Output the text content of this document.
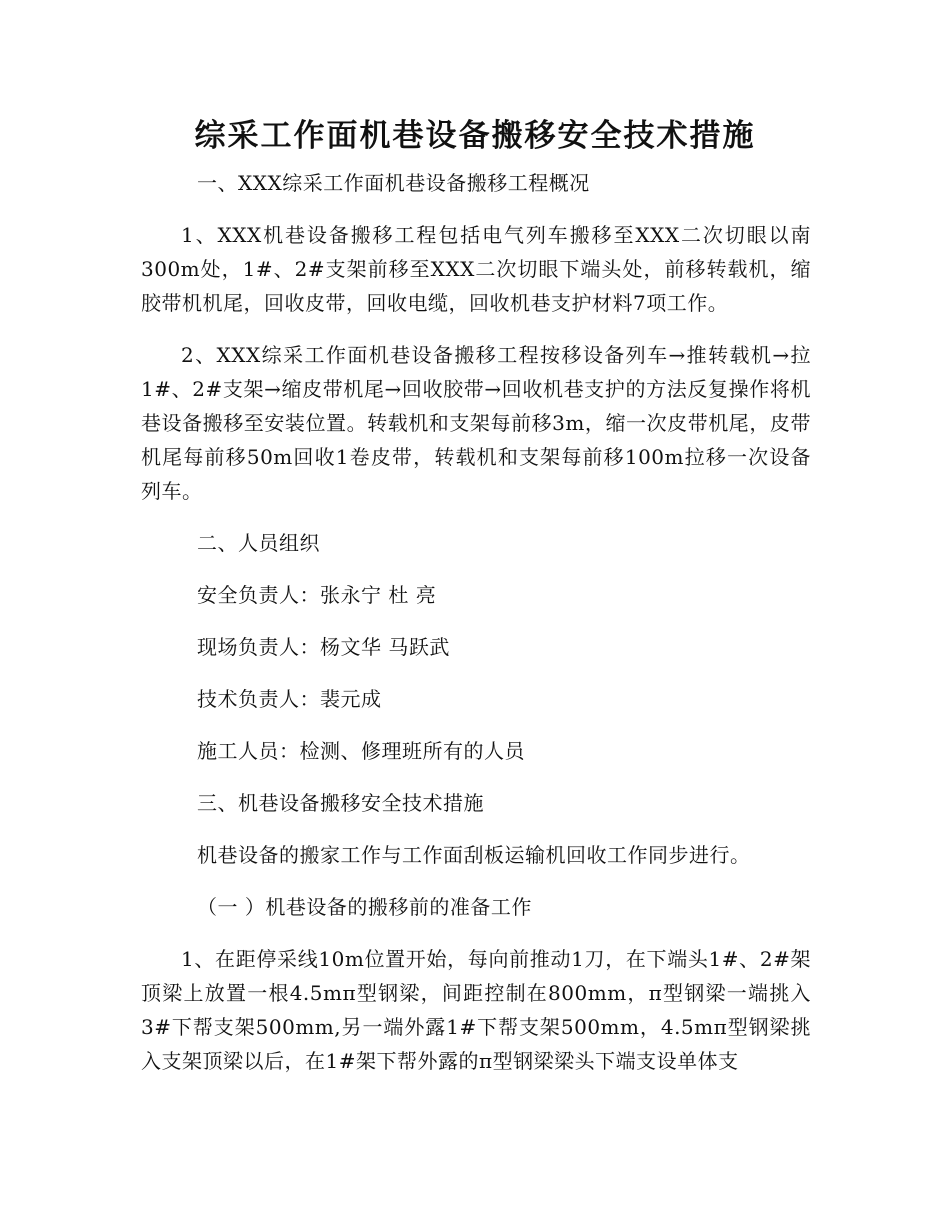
综采工作面机巷设备搬移安全技术措施

一、XXX综采工作面机巷设备搬移工程概况

1、XXX机巷设备搬移工程包括电气列车搬移至XXX二次切眼以南300m处，1#、2#支架前移至XXX二次切眼下端头处，前移转载机，缩胶带机机尾，回收皮带，回收电缆，回收机巷支护材料7项工作。

2、XXX综采工作面机巷设备搬移工程按移设备列车→推转载机→拉1#、2#支架→缩皮带机尾→回收胶带→回收机巷支护的方法反复操作将机巷设备搬移至安装位置。转载机和支架每前移3m，缩一次皮带机尾，皮带机尾每前移50m回收1卷皮带，转载机和支架每前移100m拉移一次设备列车。

二、人员组织

安全负责人：张永宁 杜 亮

现场负责人：杨文华 马跃武

技术负责人：裴元成

施工人员：检测、修理班所有的人员

三、机巷设备搬移安全技术措施

机巷设备的搬家工作与工作面刮板运输机回收工作同步进行。

（一 ）机巷设备的搬移前的准备工作

1、在距停采线10m位置开始，每向前推动1刀，在下端头1#、2#架顶梁上放置一根4.5mπ型钢梁，间距控制在800mm，π型钢梁一端挑入3#下帮支架500mm,另一端外露1#下帮支架500mm，4.5mπ型钢梁挑入支架顶梁以后，在1#架下帮外露的π型钢梁梁头下端支设单体支
